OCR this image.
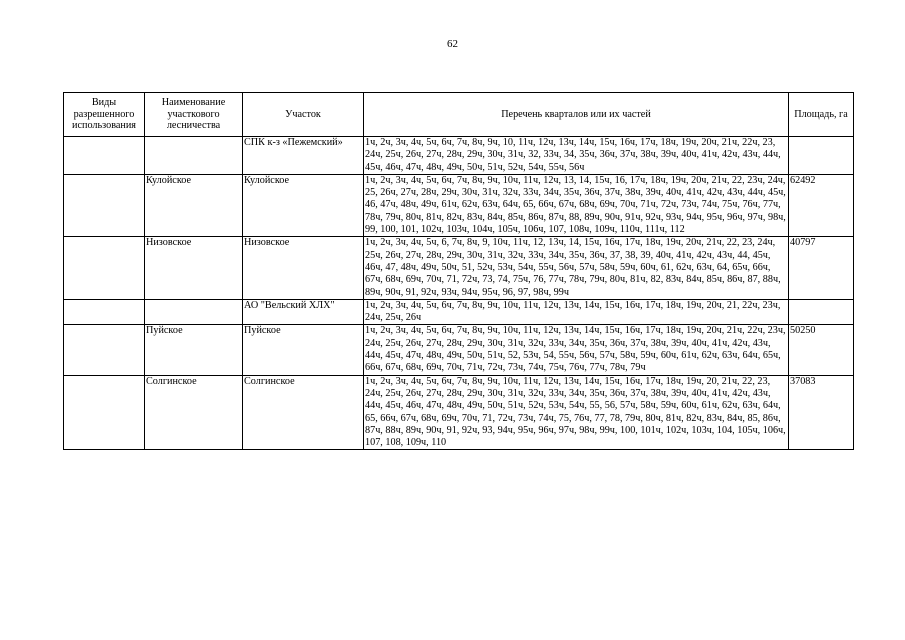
62
Виды разрешенного использования	Наименование участкового лесничества	Участок	Перечень кварталов или их частей	Площадь, га
		СПК к-з «Пежемский»	1ч, 2ч, 3ч, 4ч, 5ч, 6ч, 7ч, 8ч, 9ч, 10, 11ч, 12ч, 13ч, 14ч, 15ч, 16ч, 17ч, 18ч, 19ч, 20ч, 21ч, 22ч, 23, 24ч, 25ч, 26ч, 27ч, 28ч, 29ч, 30ч, 31ч, 32, 33ч, 34, 35ч, 36ч, 37ч, 38ч, 39ч, 40ч, 41ч, 42ч, 43ч, 44ч, 45ч, 46ч, 47ч, 48ч, 49ч, 50ч, 51ч, 52ч, 54ч, 55ч, 56ч	
	Кулойское	Кулойское	1ч, 2ч, 3ч, 4ч, 5ч, 6ч, 7ч, 8ч, 9ч, 10ч, 11ч, 12ч, 13, 14, 15ч, 16, 17ч, 18ч, 19ч, 20ч, 21ч, 22, 23ч, 24ч, 25, 26ч, 27ч, 28ч, 29ч, 30ч, 31ч, 32ч, 33ч, 34ч, 35ч, 36ч, 37ч, 38ч, 39ч, 40ч, 41ч, 42ч, 43ч, 44ч, 45ч, 46, 47ч, 48ч, 49ч, 61ч, 62ч, 63ч, 64ч, 65, 66ч, 67ч, 68ч, 69ч, 70ч, 71ч, 72ч, 73ч, 74ч, 75ч, 76ч, 77ч, 78ч, 79ч, 80ч, 81ч, 82ч, 83ч, 84ч, 85ч, 86ч, 87ч, 88, 89ч, 90ч, 91ч, 92ч, 93ч, 94ч, 95ч, 96ч, 97ч, 98ч, 99, 100, 101, 102ч, 103ч, 104ч, 105ч, 106ч, 107, 108ч, 109ч, 110ч, 111ч, 112	62492
	Низовское	Низовское	1ч, 2ч, 3ч, 4ч, 5ч, 6, 7ч, 8ч, 9, 10ч, 11ч, 12, 13ч, 14, 15ч, 16ч, 17ч, 18ч, 19ч, 20ч, 21ч, 22, 23, 24ч, 25ч, 26ч, 27ч, 28ч, 29ч, 30ч, 31ч, 32ч, 33ч, 34ч, 35ч, 36ч, 37, 38, 39, 40ч, 41ч, 42ч, 43ч, 44, 45ч, 46ч, 47, 48ч, 49ч, 50ч, 51, 52ч, 53ч, 54ч, 55ч, 56ч, 57ч, 58ч, 59ч, 60ч, 61, 62ч, 63ч, 64, 65ч, 66ч, 67ч, 68ч, 69ч, 70ч, 71, 72ч, 73, 74, 75ч, 76, 77ч, 78ч, 79ч, 80ч, 81ч, 82, 83ч, 84ч, 85ч, 86ч, 87, 88ч, 89ч, 90ч, 91, 92ч, 93ч, 94ч, 95ч, 96, 97, 98ч, 99ч	40797
		АО "Вельский ХЛХ"	1ч, 2ч, 3ч, 4ч, 5ч, 6ч, 7ч, 8ч, 9ч, 10ч, 11ч, 12ч, 13ч, 14ч, 15ч, 16ч, 17ч, 18ч, 19ч, 20ч, 21, 22ч, 23ч, 24ч, 25ч, 26ч	
	Пуйское	Пуйское	1ч, 2ч, 3ч, 4ч, 5ч, 6ч, 7ч, 8ч, 9ч, 10ч, 11ч, 12ч, 13ч, 14ч, 15ч, 16ч, 17ч, 18ч, 19ч, 20ч, 21ч, 22ч, 23ч, 24ч, 25ч, 26ч, 27ч, 28ч, 29ч, 30ч, 31ч, 32ч, 33ч, 34ч, 35ч, 36ч, 37ч, 38ч, 39ч, 40ч, 41ч, 42ч, 43ч, 44ч, 45ч, 47ч, 48ч, 49ч, 50ч, 51ч, 52, 53ч, 54, 55ч, 56ч, 57ч, 58ч, 59ч, 60ч, 61ч, 62ч, 63ч, 64ч, 65ч, 66ч, 67ч, 68ч, 69ч, 70ч, 71ч, 72ч, 73ч, 74ч, 75ч, 76ч, 77ч, 78ч, 79ч	50250
	Солгинское	Солгинское	1ч, 2ч, 3ч, 4ч, 5ч, 6ч, 7ч, 8ч, 9ч, 10ч, 11ч, 12ч, 13ч, 14ч, 15ч, 16ч, 17ч, 18ч, 19ч, 20, 21ч, 22, 23, 24ч, 25ч, 26ч, 27ч, 28ч, 29ч, 30ч, 31ч, 32ч, 33ч, 34ч, 35ч, 36ч, 37ч, 38ч, 39ч, 40ч, 41ч, 42ч, 43ч, 44ч, 45ч, 46ч, 47ч, 48ч, 49ч, 50ч, 51ч, 52ч, 53ч, 54ч, 55, 56, 57ч, 58ч, 59ч, 60ч, 61ч, 62ч, 63ч, 64ч, 65, 66ч, 67ч, 68ч, 69ч, 70ч, 71, 72ч, 73ч, 74ч, 75, 76ч, 77, 78, 79ч, 80ч, 81ч, 82ч, 83ч, 84ч, 85, 86ч, 87ч, 88ч, 89ч, 90ч, 91, 92ч, 93, 94ч, 95ч, 96ч, 97ч, 98ч, 99ч, 100, 101ч, 102ч, 103ч, 104, 105ч, 106ч, 107, 108, 109ч, 110	37083
